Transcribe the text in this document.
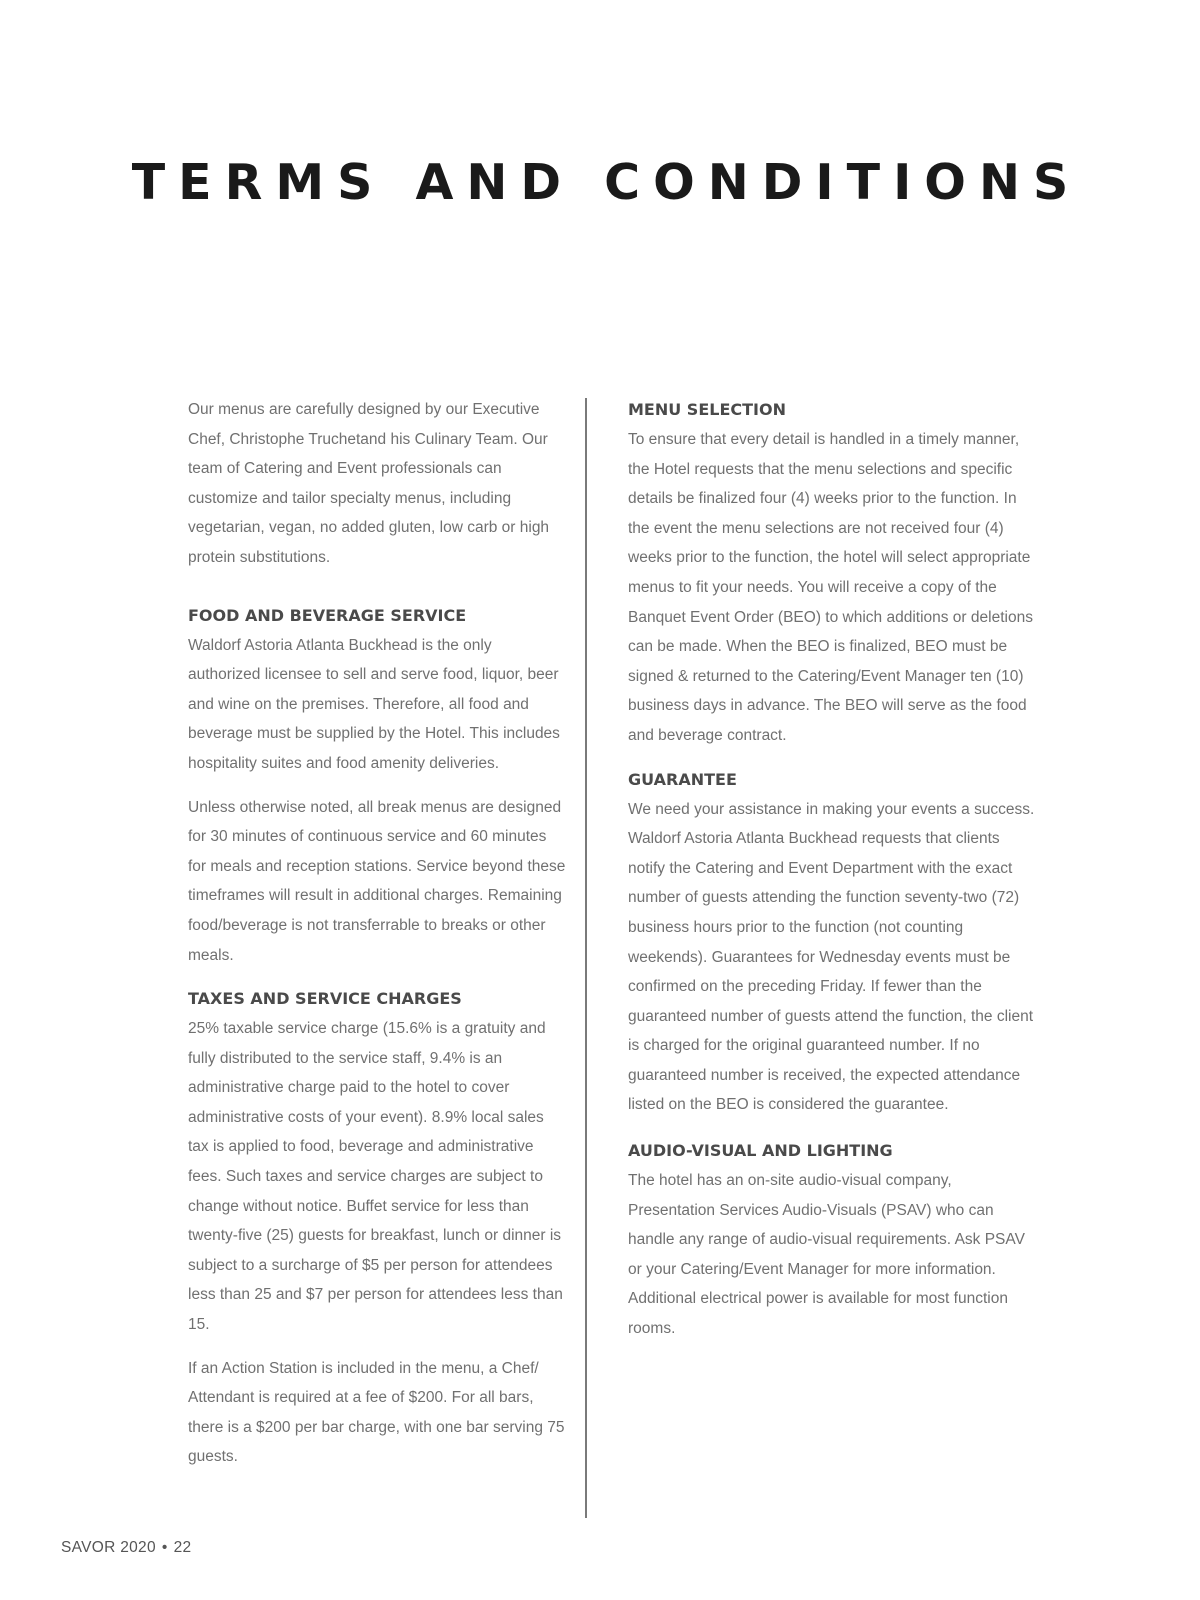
TERMS AND CONDITIONS

Our menus are carefully designed by our Executive Chef, Christophe Truchetand his Culinary Team. Our team of Catering and Event professionals can customize and tailor specialty menus, including vegetarian, vegan, no added gluten, low carb or high protein substitutions.

FOOD AND BEVERAGE SERVICE

Waldorf Astoria Atlanta Buckhead is the only authorized licensee to sell and serve food, liquor, beer and wine on the premises. Therefore, all food and beverage must be supplied by the Hotel. This includes hospitality suites and food amenity deliveries.

Unless otherwise noted, all break menus are designed for 30 minutes of continuous service and 60 minutes for meals and reception stations. Service beyond these timeframes will result in additional charges. Remaining food/beverage is not transferrable to breaks or other meals.

TAXES AND SERVICE CHARGES

25% taxable service charge (15.6% is a gratuity and fully distributed to the service staff, 9.4% is an administrative charge paid to the hotel to cover administrative costs of your event). 8.9% local sales tax is applied to food, beverage and administrative fees. Such taxes and service charges are subject to change without notice. Buffet service for less than twenty-five (25) guests for breakfast, lunch or dinner is subject to a surcharge of $5 per person for attendees less than 25 and $7 per person for attendees less than 15.

If an Action Station is included in the menu, a Chef/ Attendant is required at a fee of $200. For all bars, there is a $200 per bar charge, with one bar serving 75 guests.

MENU SELECTION

To ensure that every detail is handled in a timely manner, the Hotel requests that the menu selections and specific details be finalized four (4) weeks prior to the function. In the event the menu selections are not received four (4) weeks prior to the function, the hotel will select appropriate menus to fit your needs. You will receive a copy of the Banquet Event Order (BEO) to which additions or deletions can be made. When the BEO is finalized, BEO must be signed & returned to the Catering/Event Manager ten (10) business days in advance. The BEO will serve as the food and beverage contract.

GUARANTEE

We need your assistance in making your events a success. Waldorf Astoria Atlanta Buckhead requests that clients notify the Catering and Event Department with the exact number of guests attending the function seventy-two (72) business hours prior to the function (not counting weekends). Guarantees for Wednesday events must be confirmed on the preceding Friday. If fewer than the guaranteed number of guests attend the function, the client is charged for the original guaranteed number. If no guaranteed number is received, the expected attendance listed on the BEO is considered the guarantee.

AUDIO-VISUAL AND LIGHTING

The hotel has an on-site audio-visual company, Presentation Services Audio-Visuals (PSAV) who can handle any range of audio-visual requirements. Ask PSAV or your Catering/Event Manager for more information. Additional electrical power is available for most function rooms.

SAVOR 2020 • 22
